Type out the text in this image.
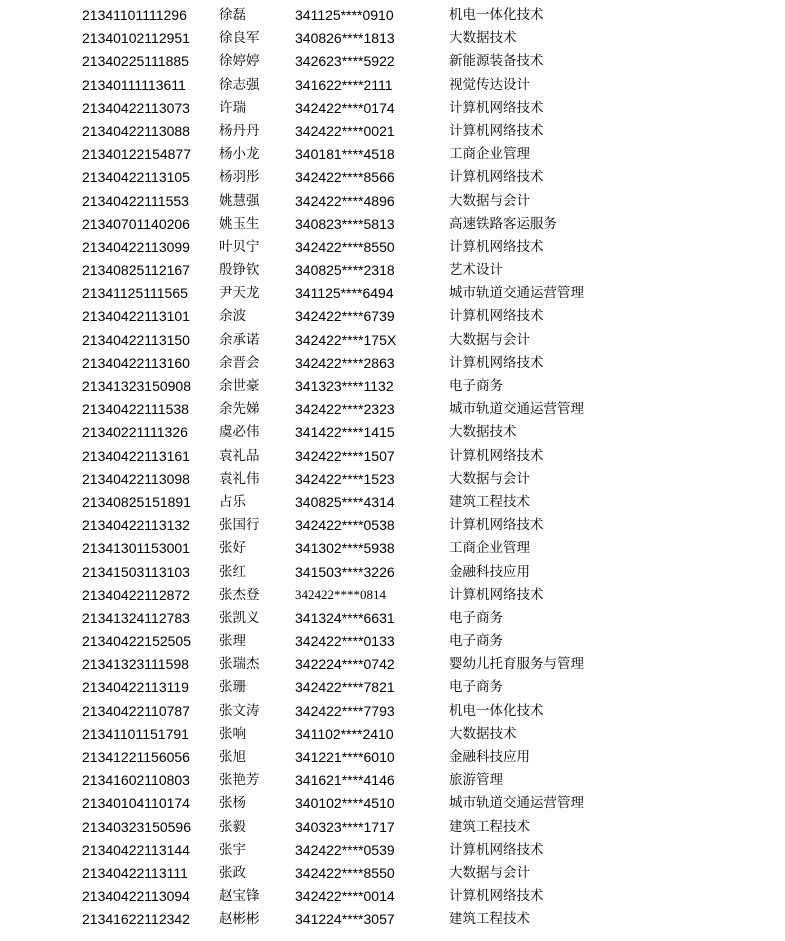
21341101111296 徐磊	341125****0910	机电一体化技术
21340102112951 徐良军	340826****1813	大数据技术
21340225111885 徐婷婷	342623****5922	新能源装备技术
21340111113611 徐志强	341622****2111	视觉传达设计
21340422113073 许瑞	342422****0174	计算机网络技术
21340422113088 杨丹丹	342422****0021	计算机网络技术
21340122154877 杨小龙	340181****4518	工商企业管理
21340422113105 杨羽彤	342422****8566	计算机网络技术
21340422111553 姚慧强	342422****4896	大数据与会计
21340701140206 姚玉生	340823****5813	高速铁路客运服务
21340422113099 叶贝宁	342422****8550	计算机网络技术
21340825112167 殷铮钦	340825****2318	艺术设计
21341125111565 尹天龙	341125****6494	城市轨道交通运营管理
21340422113101 余波	342422****6739	计算机网络技术
21340422113150 余承诺	342422****175X	大数据与会计
21340422113160 余晋会	342422****2863	计算机网络技术
21341323150908 余世豪	341323****1132	电子商务
21340422111538 余先娣	342422****2323	城市轨道交通运营管理
21340221111326 虞必伟	341422****1415	大数据技术
21340422113161 袁礼品	342422****1507	计算机网络技术
21340422113098 袁礼伟	342422****1523	大数据与会计
21340825151891 占乐	340825****4314	建筑工程技术
21340422113132 张国行	342422****0538	计算机网络技术
21341301153001 张好	341302****5938	工商企业管理
21341503113103 张红	341503****3226	金融科技应用
21340422112872 张杰登	342422****0814	计算机网络技术
21341324112783 张凯义	341324****6631	电子商务
21340422152505 张理	342422****0133	电子商务
21341323111598 张瑞杰	342224****0742	婴幼儿托育服务与管理
21340422113119 张珊	342422****7821	电子商务
21340422110787 张文涛	342422****7793	机电一体化技术
21341101151791 张响	341102****2410	大数据技术
21341221156056 张旭	341221****6010	金融科技应用
21341602110803 张艳芳	341621****4146	旅游管理
21340104110174 张杨	340102****4510	城市轨道交通运营管理
21340323150596 张毅	340323****1717	建筑工程技术
21340422113144 张宇	342422****0539	计算机网络技术
21340422113111 张政	342422****8550	大数据与会计
21340422113094 赵宝锋	342422****0014	计算机网络技术
21341622112342 赵彬彬	341224****3057	建筑工程技术
